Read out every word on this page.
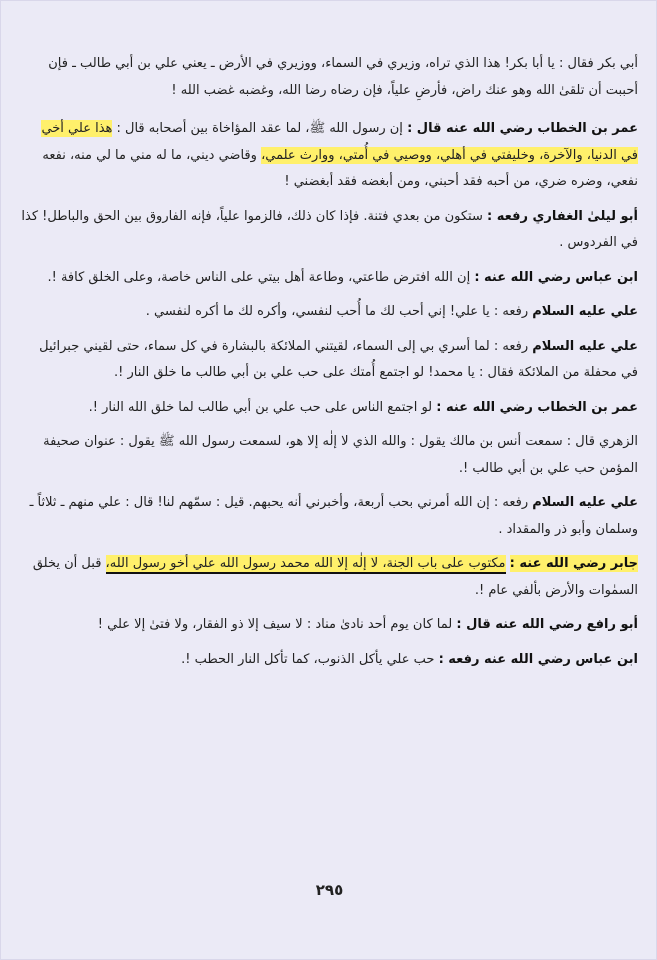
أبي بكر فقال : يا أبا بكر! هذا الذي تراه، وزيري في السماء، ووزيري في الأرض ـ يعني علي بن أبي طالب ـ فإن أحببت أن تلقىٰ الله وهو عنك راض، فأرضِ علياً، فإن رضاه رضا الله، وغضبه غضب الله !

عمر بن الخطاب رضي الله عنه قال : إن رسول الله ﷺ، لما عقد المؤاخاة بين أصحابه قال : هذا علي أخي في الدنيا، والآخرة، وخليفتي في أهلي، ووصيي في أُمتي، ووارث علمي، وقاضي ديني، ما له مني ما لي منه، نفعه نفعي، وضره ضري، من أحبه فقد أحبني، ومن أبغضه فقد أبغضني !

أبو ليلىٰ الغفاري رفعه : ستكون من بعدي فتنة. فإذا كان ذلك، فالزموا علياً، فإنه الفاروق بين الحق والباطل! كذا في الفردوس .

ابن عباس رضي الله عنه : إن الله افترض طاعتي، وطاعة أهل بيتي على الناس خاصة، وعلى الخلق كافة !.

علي عليه السلام رفعه : يا علي! إني أحب لك ما أُحب لنفسي، وأكره لك ما أكره لنفسي .

علي عليه السلام رفعه : لما أسري بي إلى السماء، لقيتني الملائكة بالبشارة في كل سماء، حتى لقيني جبرائيل في محفلة من الملائكة فقال : يا محمد! لو اجتمع أُمتك على حب علي بن أبي طالب ما خلق النار !.

عمر بن الخطاب رضي الله عنه : لو اجتمع الناس على حب علي بن أبي طالب لما خلق الله النار !.

الزهري قال : سمعت أنس بن مالك يقول : والله الذي لا إلٰه إلا هو، لسمعت رسول الله ﷺ يقول : عنوان صحيفة المؤمن حب علي بن أبي طالب !.

علي عليه السلام رفعه : إن الله أمرني بحب أربعة، وأخبرني أنه يحبهم. قيل : سمّهم لنا! قال : علي منهم ـ ثلاثاً ـ وسلمان وأبو ذر والمقداد .

جابر رضي الله عنه : مكتوب على باب الجنة، لا إلٰه إلا الله محمد رسول الله علي أخو رسول الله، قبل أن يخلق السمٰوات والأرض بألفي عام !.

أبو رافع رضي الله عنه قال : لما كان يوم أحد نادىٰ مناد : لا سيف إلا ذو الفقار، ولا فتىٰ إلا علي !

ابن عباس رضي الله عنه رفعه : حب علي يأكل الذنوب، كما تأكل النار الحطب !.

٢٩٥
